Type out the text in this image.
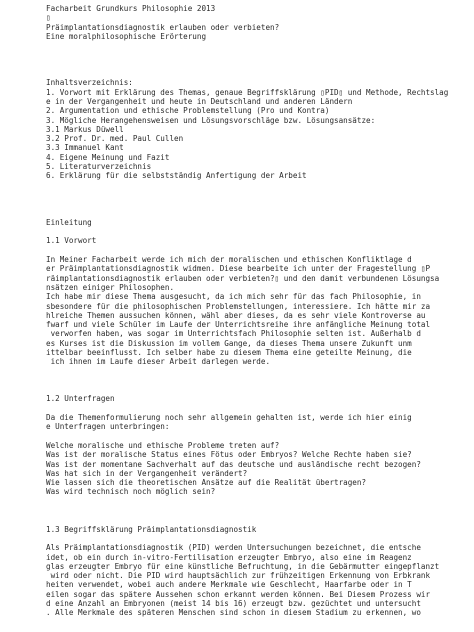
Facharbeit Grundkurs Philosophie 2013
▯
Präimplantationsdiagnostik erlauben oder verbieten?
Eine moralphilosophische Erörterung
Inhaltsverzeichnis:
1. Vorwort mit Erklärung des Themas, genaue Begriffsklärung ▯PID▯ und Methode, Rechtslag
e in der Vergangenheit und heute in Deutschland und anderen Ländern
2. Argumentation und ethische Problemstellung (Pro und Kontra)
3. Mögliche Herangehensweisen und Lösungsvorschläge bzw. Lösungsansätze:
3.1 Markus Düwell
3.2 Prof. Dr. med. Paul Cullen
3.3 Immanuel Kant
4. Eigene Meinung und Fazit
5. Literaturverzeichnis
6. Erklärung für die selbstständig Anfertigung der Arbeit
Einleitung
1.1 Vorwort
In Meiner Facharbeit werde ich mich der moralischen und ethischen Konfliktlage d
er Präimplantationsdiagnostik widmen. Diese bearbeite ich unter der Fragestellung ▯P
räimplantationsdiagnostik erlauben oder verbieten?▯ und den damit verbundenen Lösungsa
nsätzen einiger Philosophen.
Ich habe mir diese Thema ausgesucht, da ich mich sehr für das fach Philosophie, in
sbesondere für die philosophischen Problemstellungen, interessiere. Ich hätte mir za
hlreiche Themen aussuchen können, wähl aber dieses, da es sehr viele Kontroverse au
fwarf und viele Schüler im Laufe der Unterrichtsreihe ihre anfängliche Meinung total
verworfen haben, was sogar im Unterrichtsfach Philosophie selten ist. Außerhalb d
es Kurses ist die Diskussion im vollem Gange, da dieses Thema unsere Zukunft unm
ittelbar beeinflusst. Ich selber habe zu diesem Thema eine geteilte Meinung, die
ich ihnen im Laufe dieser Arbeit darlegen werde.
1.2 Unterfragen
Da die Themenformulierung noch sehr allgemein gehalten ist, werde ich hier einig
e Unterfragen unterbringen:
Welche moralische und ethische Probleme treten auf?
Was ist der moralische Status eines Fötus oder Embryos? Welche Rechte haben sie?
Was ist der momentane Sachverhalt auf das deutsche und ausländische recht bezogen?
Was hat sich in der Vergangenheit verändert?
Wie lassen sich die theoretischen Ansätze auf die Realität übertragen?
Was wird technisch noch möglich sein?
1.3 Begriffsklärung Präimplantationsdiagnostik
Als Präimplantationsdiagnostik (PID) werden Untersuchungen bezeichnet, die entsche
idet, ob ein durch in-vitro-Fertilisation erzeugter Embryo, also eine im Reagenz
glas erzeugter Embryo für eine künstliche Befruchtung, in die Gebärmutter eingepflanzt
wird oder nicht. Die PID wird hauptsächlich zur frühzeitigen Erkennung von Erbkrank
heiten verwendet, wobei auch andere Merkmale wie Geschlecht, Haarfarbe oder in T
eilen sogar das spätere Aussehen schon erkannt werden können. Bei Diesem Prozess wir
d eine Anzahl an Embryonen (meist 14 bis 16) erzeugt bzw. gezüchtet und untersucht
. Alle Merkmale des späteren Menschen sind schon in diesem Stadium zu erkennen, wo
